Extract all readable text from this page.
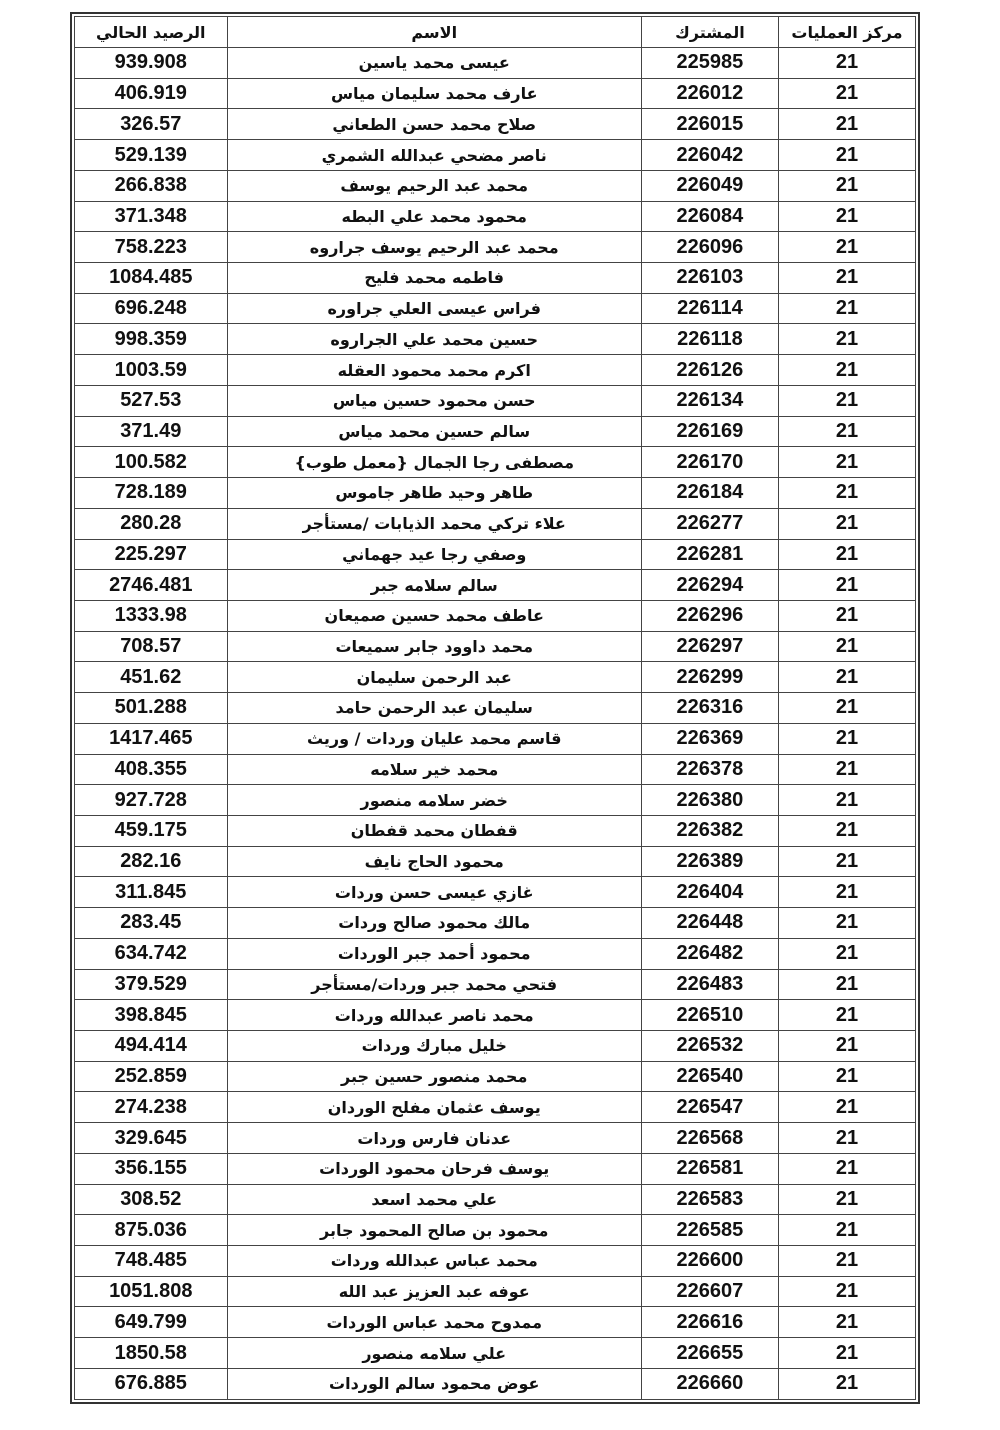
مركز العمليات	المشترك	الاسم	الرصيد الحالي
21	225985	عيسى محمد ياسين	939.908
21	226012	عارف محمد سليمان مياس	406.919
21	226015	صلاح محمد حسن الطعاني	326.57
21	226042	ناصر مضحي عبدالله الشمري	529.139
21	226049	محمد عبد الرحيم يوسف	266.838
21	226084	محمود محمد علي البطه	371.348
21	226096	محمد عبد الرحيم يوسف جراروه	758.223
21	226103	فاطمه محمد فليح	1084.485
21	226114	فراس عيسى العلي جراوره	696.248
21	226118	حسين محمد علي الجراروه	998.359
21	226126	اكرم محمد محمود العقله	1003.59
21	226134	حسن محمود حسين مياس	527.53
21	226169	سالم حسين محمد مياس	371.49
21	226170	مصطفى رجا الجمال {معمل طوب}	100.582
21	226184	طاهر وحيد طاهر جاموس	728.189
21	226277	علاء تركي محمد الذيابات /مستأجر	280.28
21	226281	وصفي رجا عيد جهماني	225.297
21	226294	سالم سلامه جبر	2746.481
21	226296	عاطف محمد حسين صميعان	1333.98
21	226297	محمد داوود جابر سميعات	708.57
21	226299	عبد الرحمن سليمان	451.62
21	226316	سليمان عبد الرحمن حامد	501.288
21	226369	قاسم محمد عليان وردات / وريث	1417.465
21	226378	محمد خير سلامه	408.355
21	226380	خضر سلامه منصور	927.728
21	226382	قفطان محمد قفطان	459.175
21	226389	محمود الحاج نايف	282.16
21	226404	غازي عيسى حسن وردات	311.845
21	226448	مالك محمود صالح وردات	283.45
21	226482	محمود أحمد جبر الوردات	634.742
21	226483	فتحي محمد جبر وردات/مستأجر	379.529
21	226510	محمد ناصر عبدالله وردات	398.845
21	226532	خليل مبارك وردات	494.414
21	226540	محمد منصور حسين جبر	252.859
21	226547	يوسف عثمان مفلح الوردان	274.238
21	226568	عدنان فارس وردات	329.645
21	226581	يوسف فرحان محمود الوردات	356.155
21	226583	علي محمد اسعد	308.52
21	226585	محمود بن صالح المحمود جابر	875.036
21	226600	محمد عباس عبدالله وردات	748.485
21	226607	عوفه عبد العزيز عبد الله	1051.808
21	226616	ممدوح محمد عباس الوردات	649.799
21	226655	علي سلامه منصور	1850.58
21	226660	عوض محمود سالم الوردات	676.885
